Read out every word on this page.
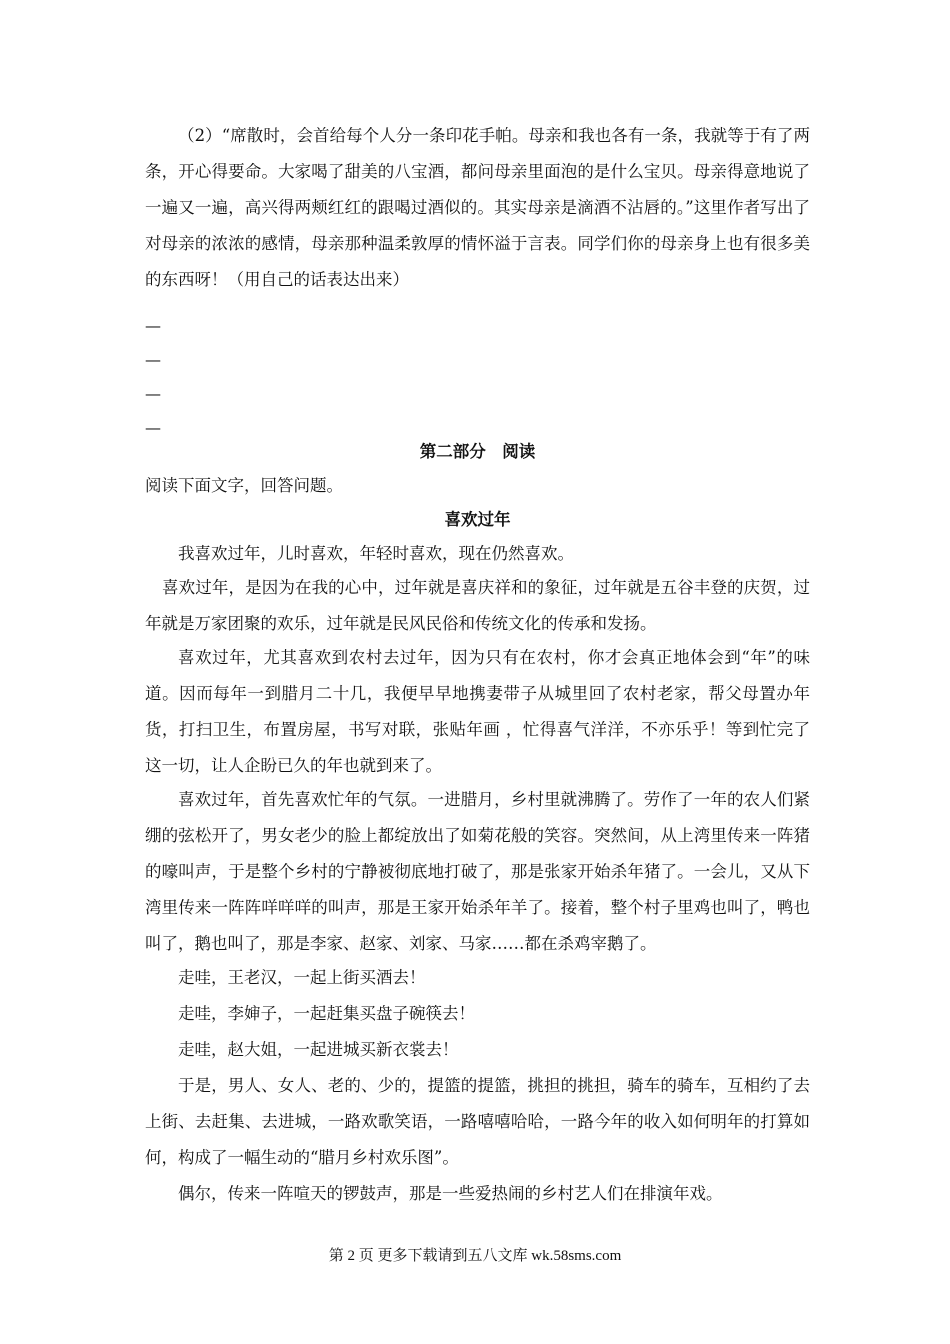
（2）“席散时，会首给每个人分一条印花手帕。母亲和我也各有一条，我就等于有了两条，开心得要命。大家喝了甜美的八宝酒，都问母亲里面泡的是什么宝贝。母亲得意地说了一遍又一遍，高兴得两颊红红的跟喝过酒似的。其实母亲是滴酒不沾唇的。”这里作者写出了对母亲的浓浓的感情，母亲那种温柔敦厚的情怀溢于言表。同学们你的母亲身上也有很多美的东西呀！（用自己的话表达出来）

—
—
—
—
第二部分　阅读

阅读下面文字，回答问题。

喜欢过年

我喜欢过年，儿时喜欢，年轻时喜欢，现在仍然喜欢。

喜欢过年，是因为在我的心中，过年就是喜庆祥和的象征，过年就是五谷丰登的庆贺，过年就是万家团聚的欢乐，过年就是民风民俗和传统文化的传承和发扬。

喜欢过年，尤其喜欢到农村去过年，因为只有在农村，你才会真正地体会到“年”的味道。因而每年一到腊月二十几，我便早早地携妻带子从城里回了农村老家，帮父母置办年货，打扫卫生，布置房屋，书写对联，张贴年画 ，忙得喜气洋洋，不亦乐乎！等到忙完了这一切，让人企盼已久的年也就到来了。

喜欢过年，首先喜欢忙年的气氛。一进腊月，乡村里就沸腾了。劳作了一年的农人们紧绷的弦松开了，男女老少的脸上都绽放出了如菊花般的笑容。突然间，从上湾里传来一阵猪的嚎叫声，于是整个乡村的宁静被彻底地打破了，那是张家开始杀年猪了。一会儿，又从下湾里传来一阵阵咩咩咩的叫声，那是王家开始杀年羊了。接着，整个村子里鸡也叫了，鸭也叫了，鹅也叫了，那是李家、赵家、刘家、马家……都在杀鸡宰鹅了。

走哇，王老汉，一起上街买酒去！

走哇，李婶子，一起赶集买盘子碗筷去！

走哇，赵大姐，一起进城买新衣裳去！

于是，男人、女人、老的、少的，提篮的提篮，挑担的挑担，骑车的骑车，互相约了去上街、去赶集、去进城，一路欢歌笑语，一路嘻嘻哈哈，一路今年的收入如何明年的打算如何，构成了一幅生动的“腊月乡村欢乐图”。

偶尔，传来一阵喧天的锣鼓声，那是一些爱热闹的乡村艺人们在排演年戏。

第 2 页 更多下载请到五八文库 wk.58sms.com
